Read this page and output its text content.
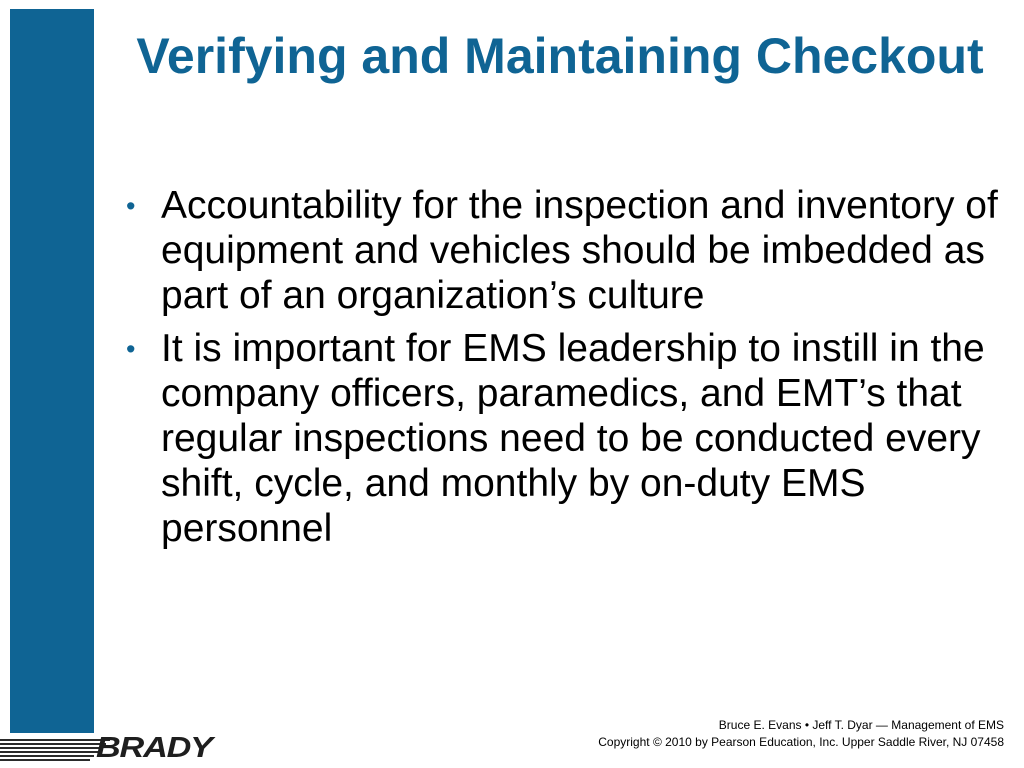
Verifying and Maintaining Checkout
• Accountability for the inspection and inventory of equipment and vehicles should be imbedded as part of an organization’s culture
• It is important for EMS leadership to instill in the company officers, paramedics, and EMT’s that regular inspections need to be conducted every shift, cycle, and monthly by on-duty EMS personnel
Bruce E. Evans • Jeff T. Dyar — Management of EMS
Copyright © 2010 by Pearson Education, Inc. Upper Saddle River, NJ 07458
BRADY
